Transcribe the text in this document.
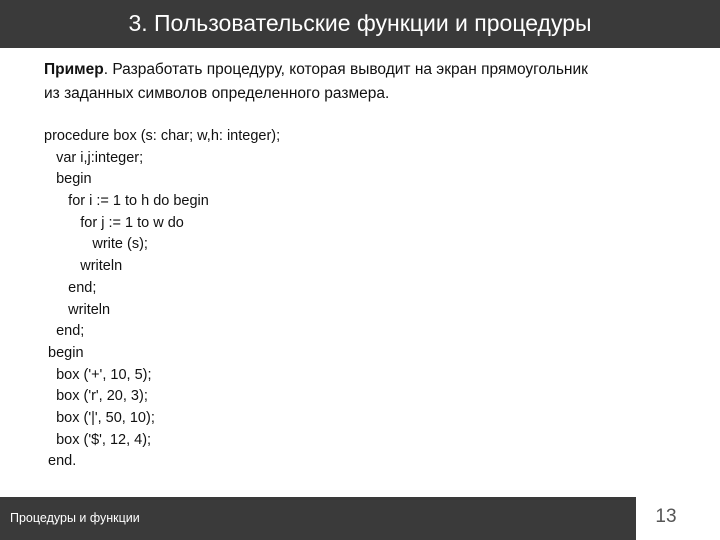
3. Пользовательские функции и процедуры

Пример. Разработать процедуру, которая выводит на экран прямоугольник
из заданных символов определенного размера.

procedure box (s: char; w,h: integer);
var i,j:integer;
begin
for i := 1 to h do begin
for j := 1 to w do
write (s);
writeln
end;
writeln
end;
begin
box ('+', 10, 5);
box ('r', 20, 3);
box ('|', 50, 10);
box ('$', 12, 4);
end.
Процедуры и функции	13
